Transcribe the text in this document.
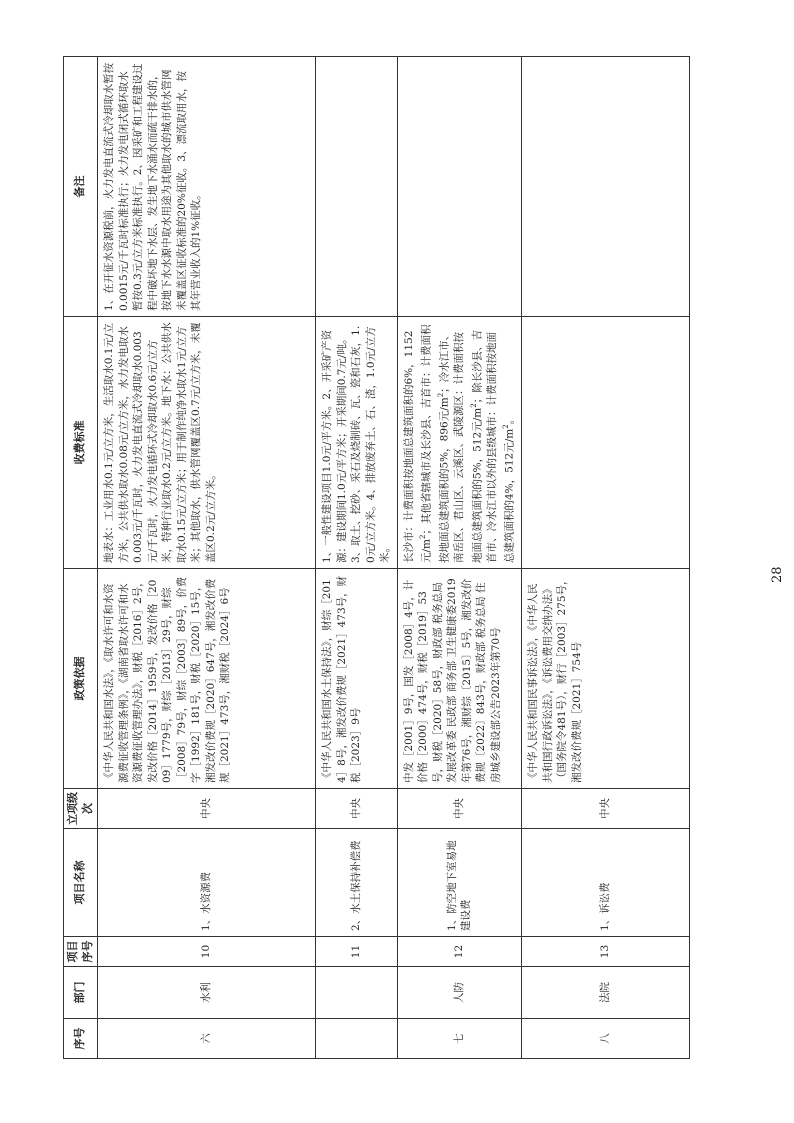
序号	部门	项目序号	项目名称	立项级次	政策依据	收费标准	备注
六	水利	10	1、水资源费	中央	《中华人民共和国水法》，《取水许可和水资源费征收管理条例》，《湖南省取水许可和水资源费征收管理办法》，财税［2016］2号，发改价格［2014］1959号，发改价格［2009］1779号，财综［2013］29号，财综［2008］79号，财综［2003］89号，价费字［1992］181号，财税［2020］15号，湘发改价费规［2020］647号，湘发改价费规［2021］473号，湘财税［2024］6号	地表水：工业用水0.1元/立方米，生活取水0.1元/立方米，公共供水取水0.08元/立方米，水力发电取水0.003元/千瓦时，火力发电直流式冷却取水0.003元/千瓦时，火力发电循环式冷却取水0.6元/立方米，特种行业取水0.2元/立方米。地下水：公共供水取水0.15元/立方米；用于制作纯净水取水1元/立方米；其他取水，供水管网覆盖区0.7元/立方米，未覆盖区0.2元/立方米。	1、在开征水资源税前，火力发电直流式冷却取水暂按0.0015元/千瓦时标准执行；火力发电闭式循环取水暂按0.3元/立方米标准执行。2、因采矿和工程建设过程中破坏地下水层、发生地下水涌水而疏干排水的，按地下水水源中取水用途为其他取水的城市供水管网未覆盖区征收标准的20%征收。3、漂流取用水，按其年营业收入的1%征收。
		11	2、水土保持补偿费	中央	《中华人民共和国水土保持法》，财综［2014］8号，湘发改价费规［2021］473号，财税［2023］9号	1、一般性建设项目1.0元/平方米。2、开采矿产资源：建设期间1.0元/平方米；开采期间0.7元/吨。3、取土、挖砂、采石及烧制砖、瓦、瓷和石灰，1.0元/立方米。4、排放废弃土、石、渣，1.0元/立方米。	
七	人防	12	1、防空地下室易地建设费	中央	中发［2001］9号，国发［2008］4号，计价格［2000］474号，财税［2019］53号，财税［2020］58号，财政部 税务总局 发展改革委 民政部 商务部 卫生健康委2019年第76号，湘财综〔2015〕5号，湘发改价费规〔2022〕843号，财政部 税务总局 住房城乡建设部公告2023年第70号	长沙市：计费面积按地面总建筑面积的6%，1152元$/m^2$；其他省辖城市及长沙县、吉首市：计费面积按地面总建筑面积的5%，896元$/m^2$；冷水江市、南岳区、君山区、云溪区、武陵源区：计费面积按地面总建筑面积的5%，512元$/m^2$；除长沙县、吉首市、冷水江市以外的县级城市：计费面积按地面总建筑面积的4%，512元$/m^2$。	
八	法院	13	1、诉讼费	中央	《中华人民共和国民事诉讼法》，《中华人民共和国行政诉讼法》，《诉讼费用交纳办法》（国务院令481号），财行［2003］275号，湘发改价费规［2021］754号		
28
